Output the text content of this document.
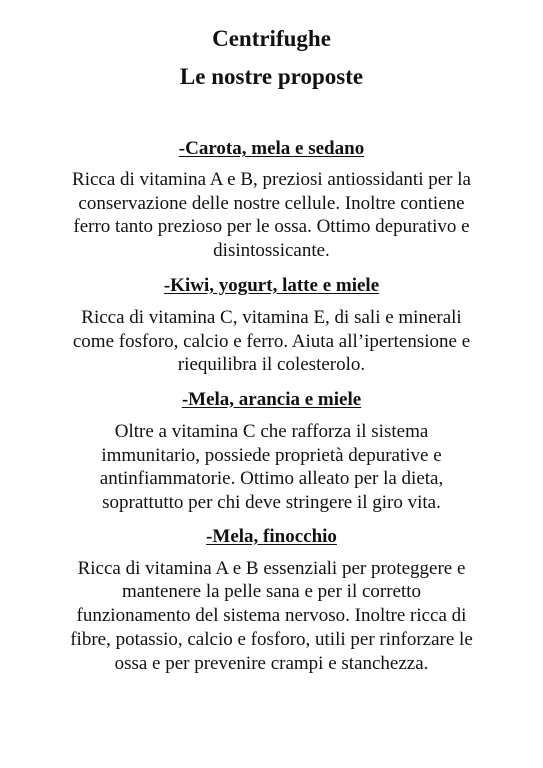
Centrifughe
Le nostre proposte
-Carota, mela e sedano
Ricca di vitamina A e B, preziosi antiossidanti per la
conservazione delle nostre cellule. Inoltre contiene
ferro tanto prezioso per le ossa. Ottimo depurativo e
disintossicante.
-Kiwi, yogurt, latte e miele
Ricca di vitamina C, vitamina E, di sali e minerali
come fosforo, calcio e ferro. Aiuta all’ipertensione e
riequilibra il colesterolo.
-Mela, arancia e miele
Oltre a vitamina C che rafforza il sistema
immunitario, possiede proprietà depurative e
antinfiammatorie. Ottimo alleato per la dieta,
soprattutto per chi deve stringere il giro vita.
-Mela, finocchio
Ricca di vitamina A e B essenziali per proteggere e
mantenere la pelle sana e per il corretto
funzionamento del sistema nervoso. Inoltre ricca di
fibre, potassio, calcio e fosforo, utili per rinforzare le
ossa e per prevenire crampi e stanchezza.
